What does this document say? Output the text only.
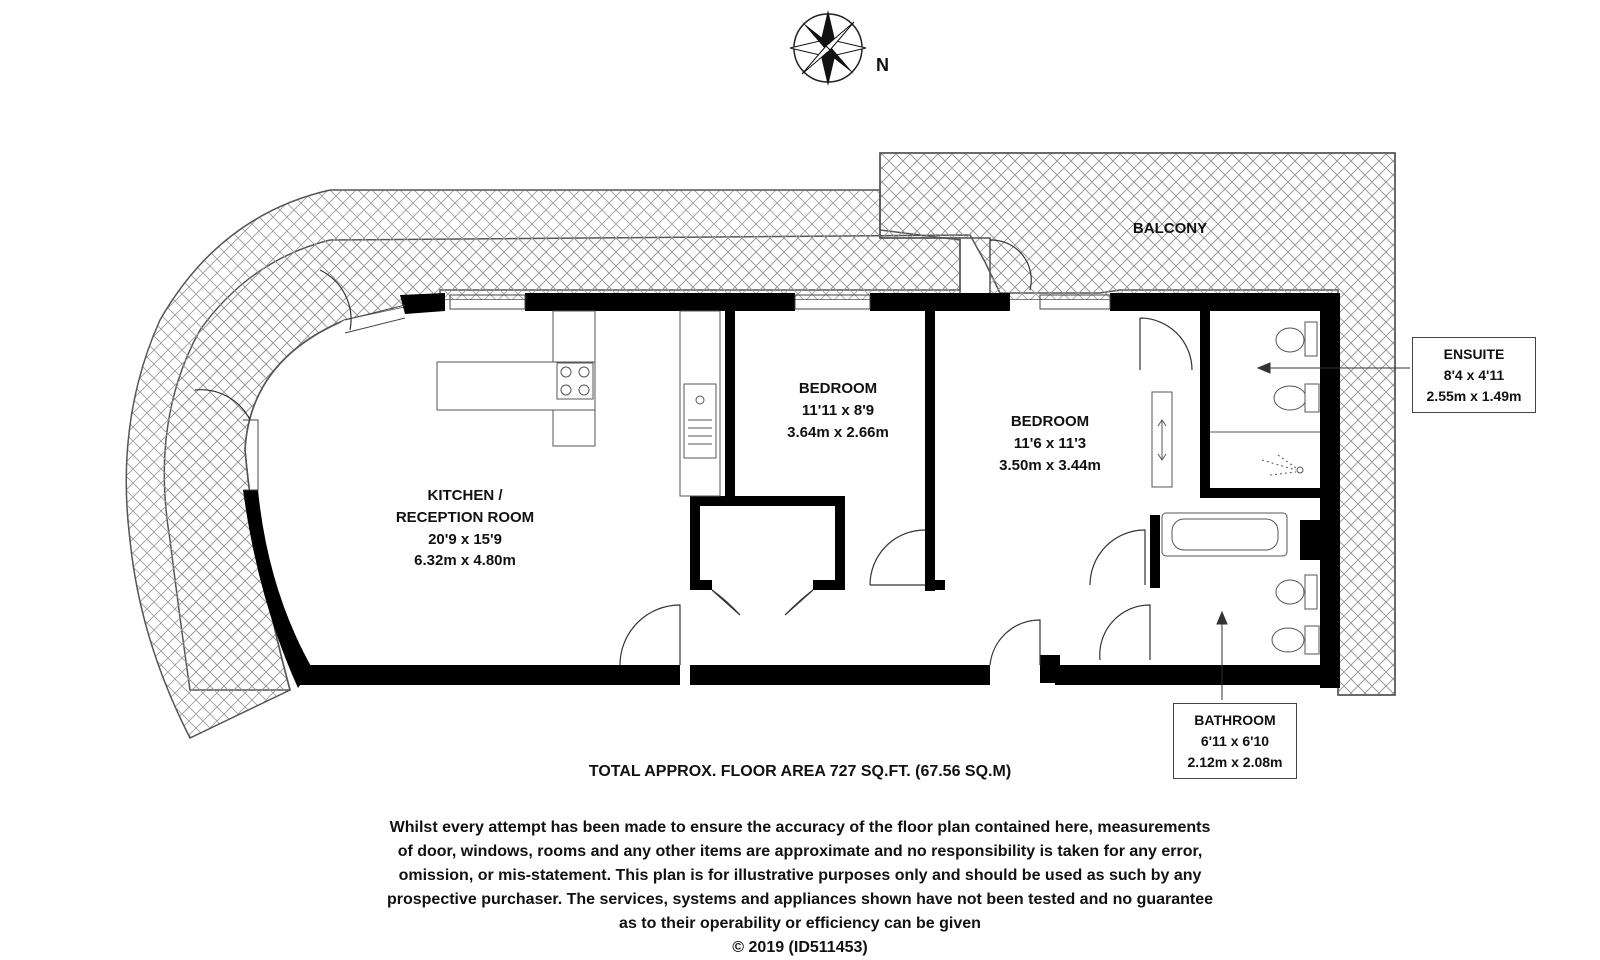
N
BALCONY
KITCHEN /
RECEPTION ROOM
20'9 x 15'9
6.32m x 4.80m
BEDROOM
11'11 x 8'9
3.64m x 2.66m
BEDROOM
11'6 x 11'3
3.50m x 3.44m
ENSUITE
8'4 x 4'11
2.55m x 1.49m
BATHROOM
6'11 x 6'10
2.12m x 2.08m
TOTAL APPROX. FLOOR AREA 727 SQ.FT. (67.56 SQ.M)
Whilst every attempt has been made to ensure the accuracy of the floor plan contained here, measurements
of door, windows, rooms and any other items are approximate and no responsibility is taken for any error,
omission, or mis-statement. This plan is for illustrative purposes only and should be used as such by any
prospective purchaser. The services, systems and appliances shown have not been tested and no guarantee
as to their operability or efficiency can be given
© 2019 (ID511453)
